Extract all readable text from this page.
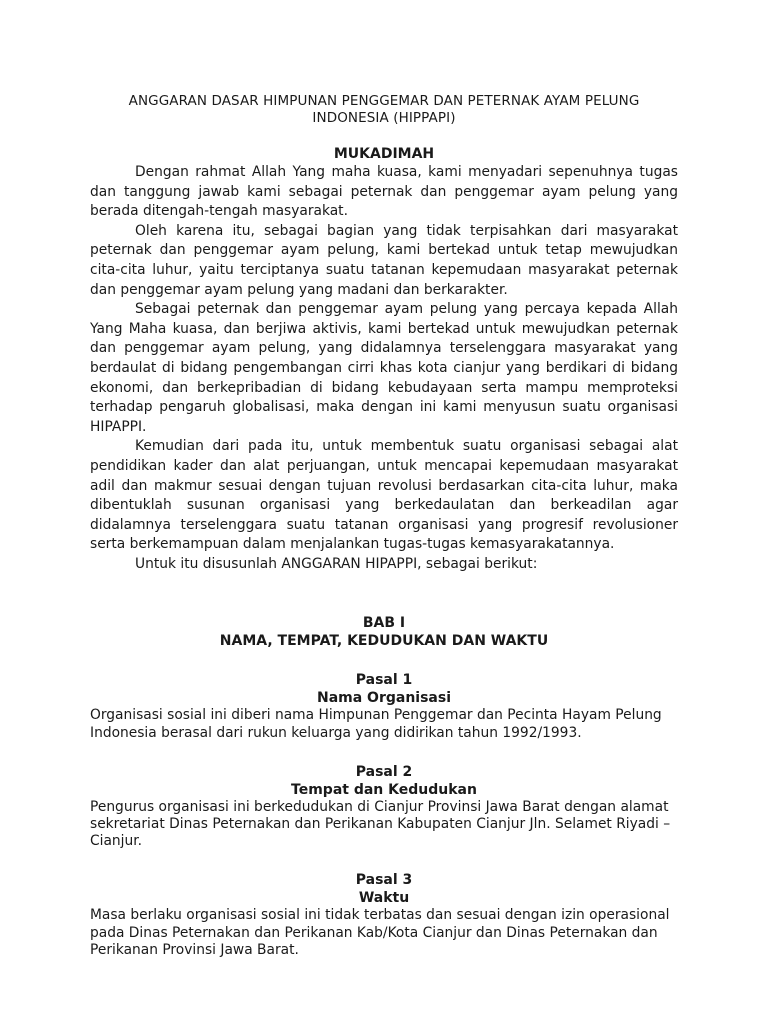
ANGGARAN DASAR HIMPUNAN PENGGEMAR DAN PETERNAK AYAM PELUNG INDONESIA (HIPPAPI)
MUKADIMAH

Dengan rahmat Allah Yang maha kuasa, kami menyadari sepenuhnya tugas dan tanggung jawab kami sebagai peternak dan penggemar ayam pelung yang berada ditengah-tengah masyarakat.

Oleh karena itu, sebagai bagian yang tidak terpisahkan dari masyarakat peternak dan penggemar ayam pelung, kami bertekad untuk tetap mewujudkan cita-cita luhur, yaitu terciptanya suatu tatanan kepemudaan masyarakat peternak dan penggemar ayam pelung yang madani dan berkarakter.

Sebagai peternak dan penggemar ayam pelung yang percaya kepada Allah Yang Maha kuasa, dan berjiwa aktivis, kami bertekad untuk mewujudkan peternak dan penggemar ayam pelung, yang didalamnya terselenggara masyarakat yang berdaulat di bidang pengembangan cirri khas kota cianjur yang berdikari di bidang ekonomi, dan berkepribadian di bidang kebudayaan serta mampu memproteksi terhadap pengaruh globalisasi, maka dengan ini kami menyusun suatu organisasi HIPAPPI.

Kemudian dari pada itu, untuk membentuk suatu organisasi sebagai alat pendidikan kader dan alat perjuangan, untuk mencapai kepemudaan masyarakat adil dan makmur sesuai dengan tujuan revolusi berdasarkan cita-cita luhur, maka dibentuklah susunan organisasi yang berkedaulatan dan berkeadilan agar didalamnya terselenggara suatu tatanan organisasi yang progresif revolusioner serta berkemampuan dalam menjalankan tugas-tugas kemasyarakatannya.

Untuk itu disusunlah ANGGARAN HIPAPPI, sebagai berikut:

BAB I
NAMA, TEMPAT, KEDUDUKAN DAN WAKTU
Pasal 1
Nama Organisasi

Organisasi sosial ini diberi nama Himpunan Penggemar dan Pecinta Hayam Pelung Indonesia berasal dari rukun keluarga yang didirikan tahun 1992/1993.

Pasal 2
Tempat dan Kedudukan

Pengurus organisasi ini berkedudukan di Cianjur Provinsi Jawa Barat dengan alamat sekretariat Dinas Peternakan dan Perikanan Kabupaten Cianjur Jln. Selamet Riyadi – Cianjur.

Pasal 3
Waktu

Masa berlaku organisasi sosial ini tidak terbatas dan sesuai dengan izin operasional pada Dinas Peternakan dan Perikanan Kab/Kota Cianjur dan Dinas Peternakan dan Perikanan Provinsi Jawa Barat.
